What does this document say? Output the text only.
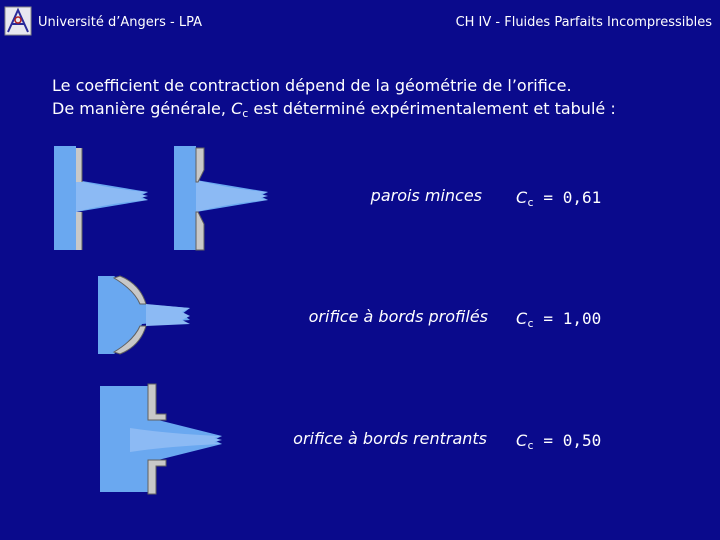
Université d’Angers - LPA	CH IV - Fluides Parfaits Incompressibles
Le coefficient de contraction dépend de la géométrie de l’orifice.
De manière générale, Cc est déterminé expérimentalement et tabulé :
parois minces Cc = 0,61
orifice à bords profilés Cc = 1,00
orifice à bords rentrants Cc = 0,50
